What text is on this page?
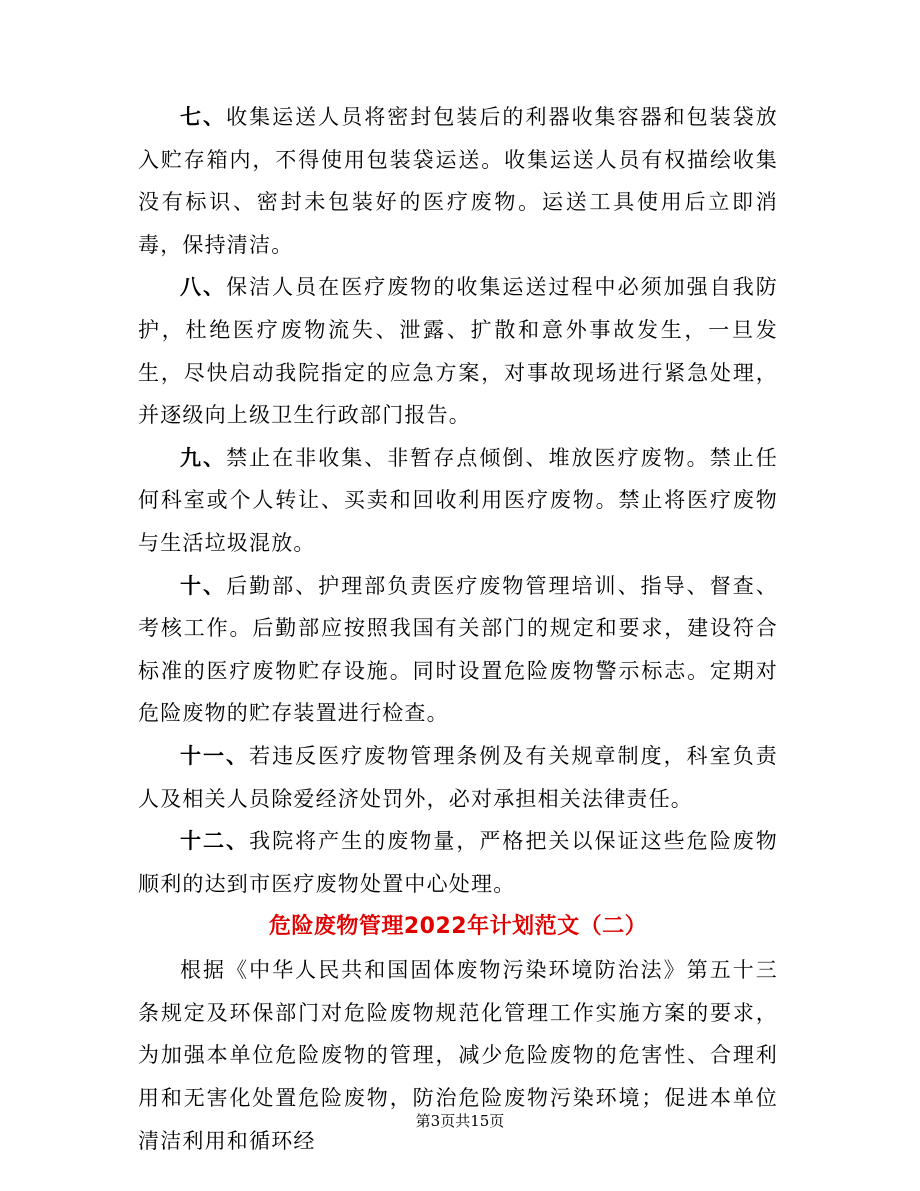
七、收集运送人员将密封包装后的利器收集容器和包装袋放入贮存箱内，不得使用包装袋运送。收集运送人员有权描绘收集没有标识、密封未包装好的医疗废物。运送工具使用后立即消毒，保持清洁。

八、保洁人员在医疗废物的收集运送过程中必须加强自我防护，杜绝医疗废物流失、泄露、扩散和意外事故发生，一旦发生，尽快启动我院指定的应急方案，对事故现场进行紧急处理，并逐级向上级卫生行政部门报告。

九、禁止在非收集、非暂存点倾倒、堆放医疗废物。禁止任何科室或个人转让、买卖和回收利用医疗废物。禁止将医疗废物与生活垃圾混放。

十、后勤部、护理部负责医疗废物管理培训、指导、督查、考核工作。后勤部应按照我国有关部门的规定和要求，建设符合标准的医疗废物贮存设施。同时设置危险废物警示标志。定期对危险废物的贮存装置进行检查。

十一、若违反医疗废物管理条例及有关规章制度，科室负责人及相关人员除爱经济处罚外，必对承担相关法律责任。

十二、我院将产生的废物量，严格把关以保证这些危险废物顺利的达到市医疗废物处置中心处理。

危险废物管理2022年计划范文（二）

根据《中华人民共和国固体废物污染环境防治法》第五十三条规定及环保部门对危险废物规范化管理工作实施方案的要求，为加强本单位危险废物的管理，减少危险废物的危害性、合理利用和无害化处置危险废物，防治危险废物污染环境；促进本单位清洁利用和循环经

第3页共15页
